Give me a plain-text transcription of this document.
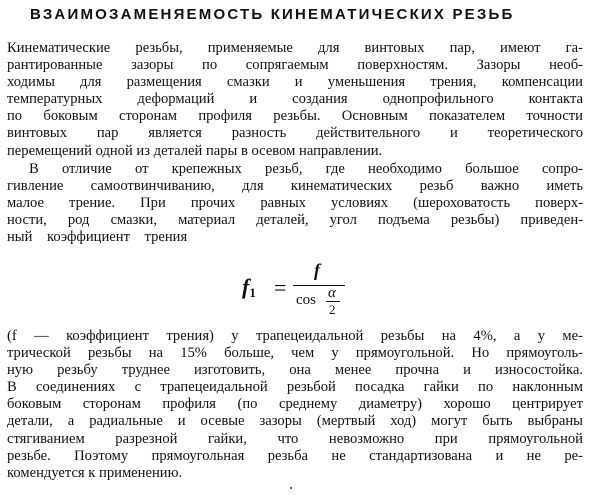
ВЗАИМОЗАМЕНЯЕМОСТЬ КИНЕМАТИЧЕСКИХ РЕЗЬБ
Кинематические резьбы, применяемые для винтовых пар, имеют га-
рантированные зазоры по сопрягаемым поверхностям. Зазоры необ-
ходимы для размещения смазки и уменьшения трения, компенсации
температурных деформаций и создания однопрофильного контакта
по боковым сторонам профиля резьбы. Основным показателем точности
винтовых пар является разность действительного и теоретического
перемещений одной из деталей пары в осевом направлении.
В отличие от крепежных резьб, где необходимо большое сопро-
гивление самоотвинчиванию, для кинематических резьб важно иметь
малое трение. При прочих равных условиях (шероховатость поверх-
ности, род смазки, материал деталей, угол подъема резьбы) приведен-
ный    коэффициент    трения
f1 =
f
cos α
2
(f — коэффициент трения) у трапецеидальной резьбы на 4%, а у ме-
трической резьбы на 15% больше, чем у прямоугольной. Но прямоуголь-
ную резьбу труднее изготовить, она менее прочна и износостойка.
В соединениях с трапецеидальной резьбой посадка гайки по наклонным
боковым сторонам профиля (по среднему диаметру) хорошо центрирует
детали, а радиальные и осевые зазоры (мертвый ход) могут быть выбраны
стягиванием разрезной гайки, что невозможно при прямоугольной
резьбе. Поэтому прямоугольная резьба не стандартизована и не ре-
комендуется к применению.
